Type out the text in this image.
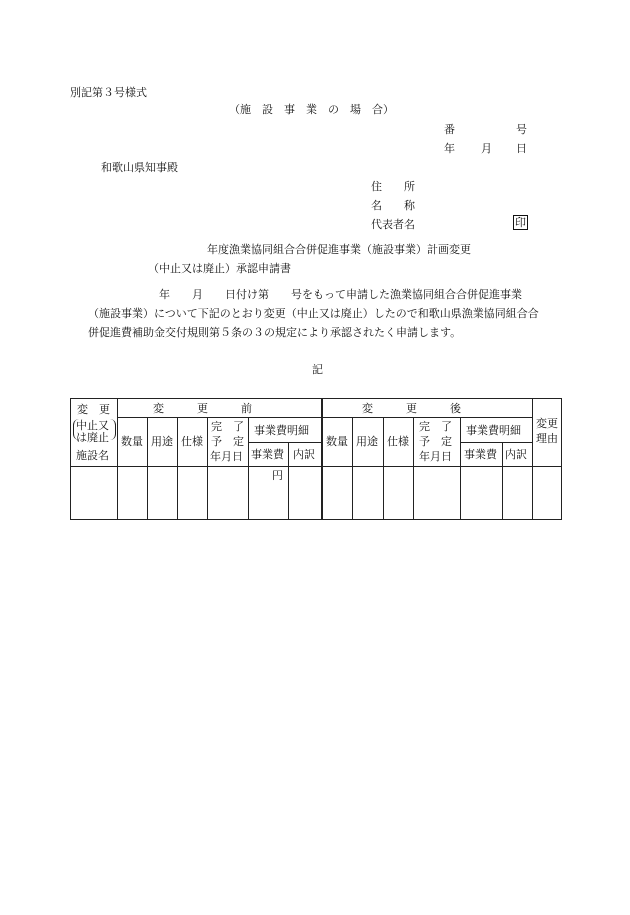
別記第３号様式
（施　設　事　業　の　場　合）
番	号
年 月 日
和歌山県知事殿
住　　所
名　　称
代表者名	印
年度漁業協同組合合併促進事業（施設事業）計画変更
（中止又は廃止）承認申請書
年　　月　　日付け第　　号をもって申請した漁業協同組合合併促進事業
（施設事業）について下記のとおり変更（中止又は廃止）したので和歌山県漁業協同組合合
併促進費補助金交付規則第５条の３の規定により承認されたく申請します。
記
変　更
中止又
は廃止
施設名
変　　　更　　　前
数量 用途 仕様
完　了
予　定
年月日
事業費明細
事業費 内訳
円
変　　　更　　　後
数量 用途 仕様
完　了
予　定
年月日
事業費明細
事業費 内訳
変更
理由
